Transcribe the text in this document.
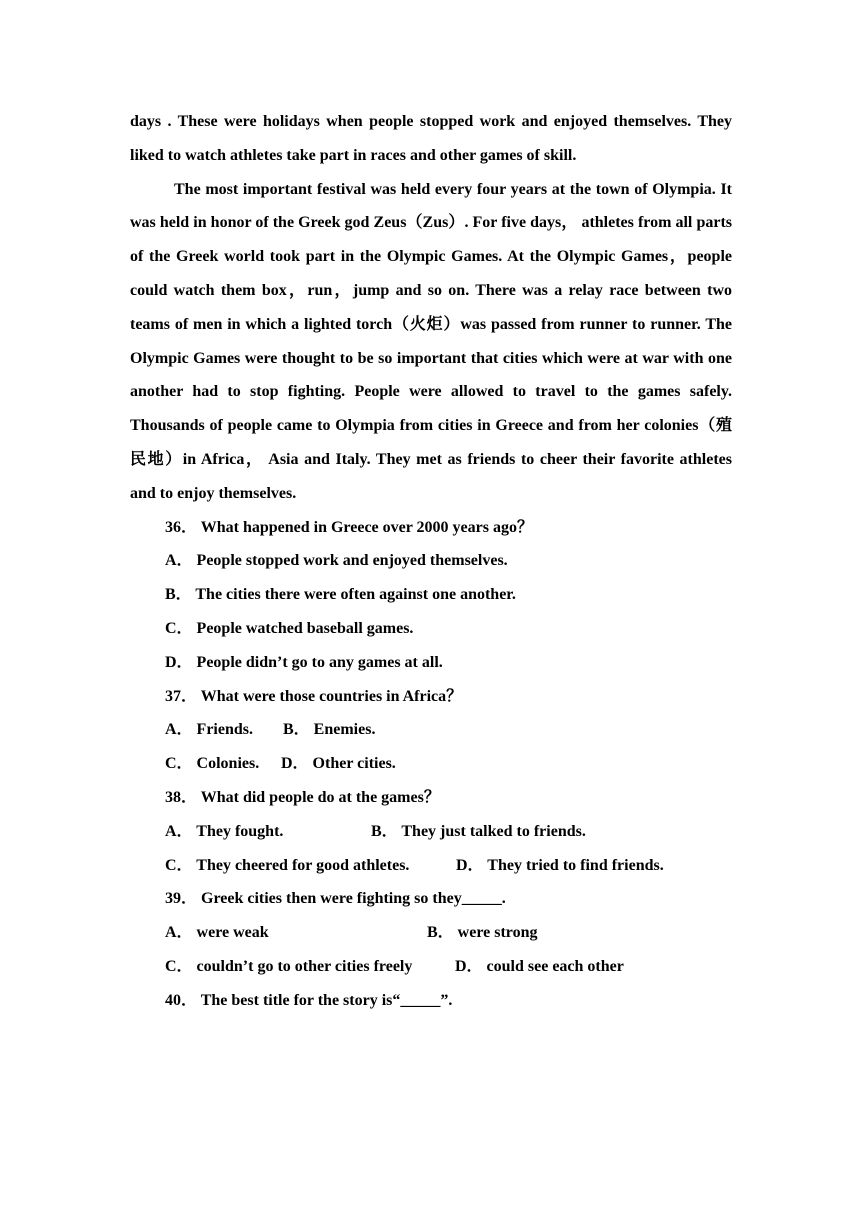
days . These were holidays when people stopped work and enjoyed themselves. They liked to watch athletes take part in races and other games of skill.

The most important festival was held every four years at the town of Olympia. It was held in honor of the Greek god Zeus（Zus）. For five days， athletes from all parts of the Greek world took part in the Olympic Games. At the Olympic Games，people could watch them box，run，jump and so on. There was a relay race between two teams of men in which a lighted torch（火炬）was passed from runner to runner. The Olympic Games were thought to be so important that cities which were at war with one another had to stop fighting. People were allowed to travel to the games safely. Thousands of people came to Olympia from cities in Greece and from her colonies（殖民地）in Africa， Asia and Italy. They met as friends to cheer their favorite athletes and to enjoy themselves.

36． What happened in Greece over 2000 years ago？

A． People stopped work and enjoyed themselves.

B． The cities there were often against one another.

C． People watched baseball games.

D． People didn’t go to any games at all.

37． What were those countries in Africa？

A． Friends. B． Enemies.

C． Colonies. D． Other cities.

38． What did people do at the games？

A． They fought.	B． They just talked to friends.

C． They cheered for good athletes.	D． They tried to find friends.

39． Greek cities then were fighting so they_____.

A． were weak	B． were strong

C． couldn’t go to other cities freely	D． could see each other

40． The best title for the story is“_____”.
